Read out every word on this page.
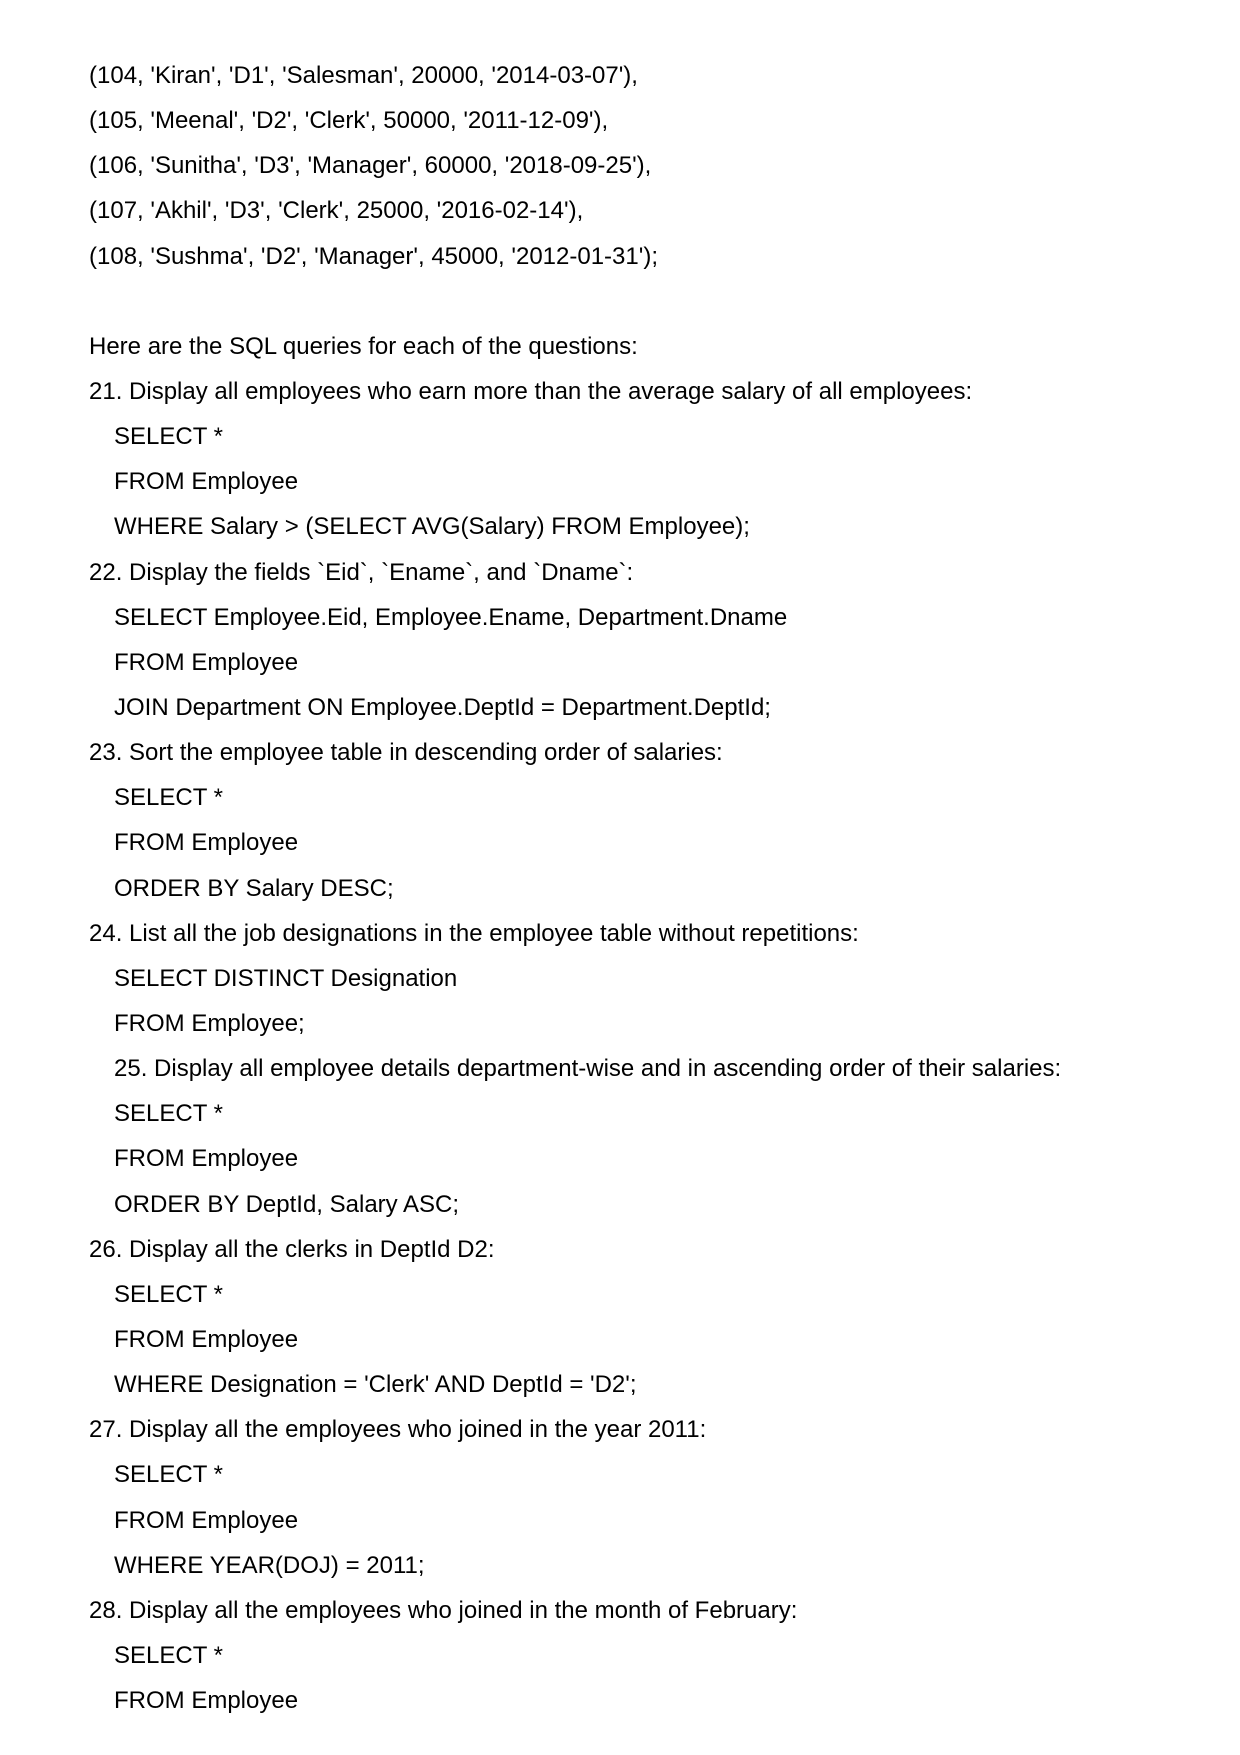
(104, 'Kiran', 'D1', 'Salesman', 20000, '2014-03-07'),
(105, 'Meenal', 'D2', 'Clerk', 50000, '2011-12-09'),
(106, 'Sunitha', 'D3', 'Manager', 60000, '2018-09-25'),
(107, 'Akhil', 'D3', 'Clerk', 25000, '2016-02-14'),
(108, 'Sushma', 'D2', 'Manager', 45000, '2012-01-31');
Here are the SQL queries for each of the questions:
21. Display all employees who earn more than the average salary of all employees:
SELECT *
FROM Employee
WHERE Salary > (SELECT AVG(Salary) FROM Employee);
22. Display the fields `Eid`, `Ename`, and `Dname`:
SELECT Employee.Eid, Employee.Ename, Department.Dname
FROM Employee
JOIN Department ON Employee.DeptId = Department.DeptId;
23. Sort the employee table in descending order of salaries:
SELECT *
FROM Employee
ORDER BY Salary DESC;
24. List all the job designations in the employee table without repetitions:
SELECT DISTINCT Designation
FROM Employee;
25. Display all employee details department-wise and in ascending order of their salaries:
SELECT *
FROM Employee
ORDER BY DeptId, Salary ASC;
26. Display all the clerks in DeptId D2:
SELECT *
FROM Employee
WHERE Designation = 'Clerk' AND DeptId = 'D2';
27. Display all the employees who joined in the year 2011:
SELECT *
FROM Employee
WHERE YEAR(DOJ) = 2011;
28. Display all the employees who joined in the month of February:
SELECT *
FROM Employee
